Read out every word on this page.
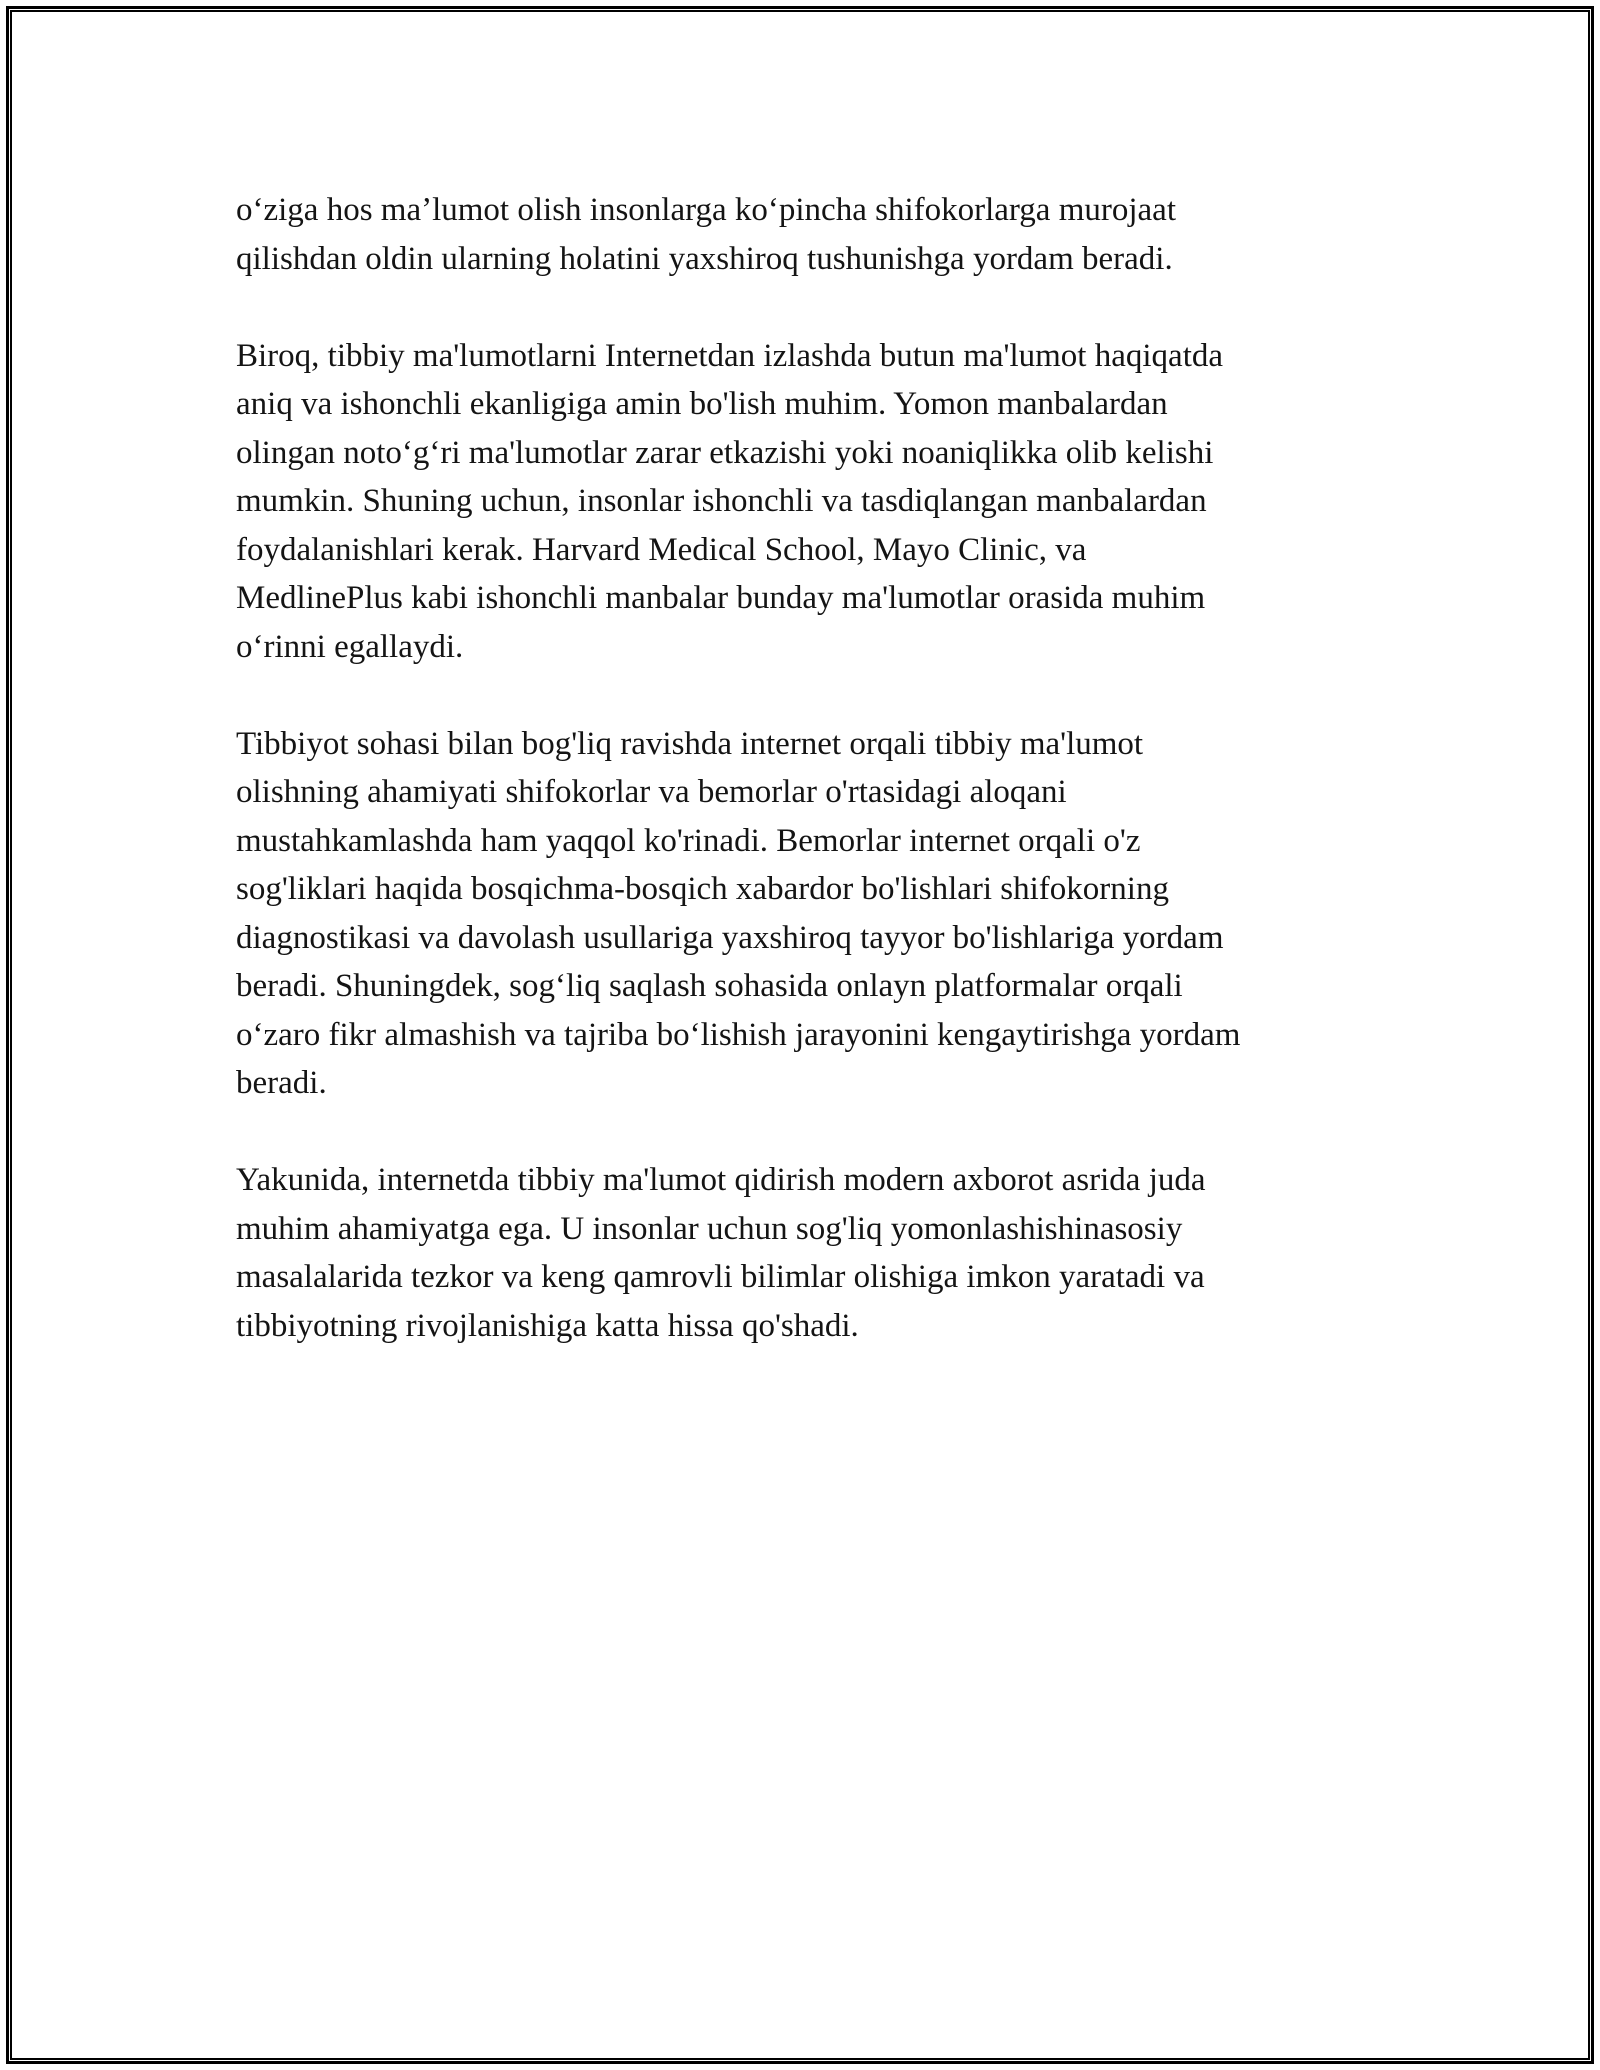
oʻziga hos maʼlumot olish insonlarga koʻpincha shifokorlarga murojaat
qilishdan oldin ularning holatini yaxshiroq tushunishga yordam beradi.

Biroq, tibbiy ma'lumotlarni Internetdan izlashda butun ma'lumot haqiqatda
aniq va ishonchli ekanligiga amin bo'lish muhim. Yomon manbalardan
olingan notoʻgʻri ma'lumotlar zarar etkazishi yoki noaniqlikka olib kelishi
mumkin. Shuning uchun, insonlar ishonchli va tasdiqlangan manbalardan
foydalanishlari kerak. Harvard Medical School, Mayo Clinic, va
MedlinePlus kabi ishonchli manbalar bunday ma'lumotlar orasida muhim
oʻrinni egallaydi.

Tibbiyot sohasi bilan bog'liq ravishda internet orqali tibbiy ma'lumot
olishning ahamiyati shifokorlar va bemorlar o'rtasidagi aloqani
mustahkamlashda ham yaqqol ko'rinadi. Bemorlar internet orqali o'z
sog'liklari haqida bosqichma-bosqich xabardor bo'lishlari shifokorning
diagnostikasi va davolash usullariga yaxshiroq tayyor bo'lishlariga yordam
beradi. Shuningdek, sogʻliq saqlash sohasida onlayn platformalar orqali
oʻzaro fikr almashish va tajriba boʻlishish jarayonini kengaytirishga yordam
beradi.

Yakunida, internetda tibbiy ma'lumot qidirish modern axborot asrida juda
muhim ahamiyatga ega. U insonlar uchun sog'liq yomonlashishinasosiy
masalalarida tezkor va keng qamrovli bilimlar olishiga imkon yaratadi va
tibbiyotning rivojlanishiga katta hissa qo'shadi.
